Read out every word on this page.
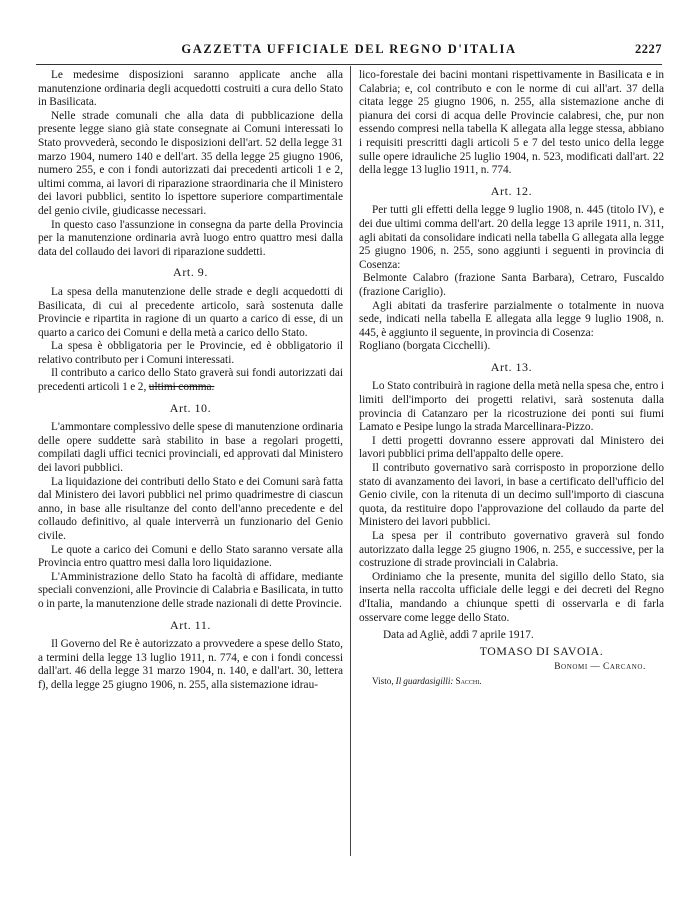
GAZZETTA UFFICIALE DEL REGNO D'ITALIA	2227

Le medesime disposizioni saranno applicate anche alla manutenzione ordinaria degli acquedotti costruiti a cura dello Stato in Basilicata.

Nelle strade comunali che alla data di pubblicazione della presente legge siano già state consegnate ai Comuni interessati lo Stato provvederà, secondo le disposizioni dell'art. 52 della legge 31 marzo 1904, numero 140 e dell'art. 35 della legge 25 giugno 1906, numero 255, e con i fondi autorizzati dai precedenti articoli 1 e 2, ultimi comma, ai lavori di riparazione straordinaria che il Ministero dei lavori pubblici, sentito lo ispettore superiore compartimentale del genio civile, giudicasse necessari.

In questo caso l'assunzione in consegna da parte della Provincia per la manutenzione ordinaria avrà luogo entro quattro mesi dalla data del collaudo dei lavori di riparazione suddetti.

Art. 9.

La spesa della manutenzione delle strade e degli acquedotti di Basilicata, di cui al precedente articolo, sarà sostenuta dalle Provincie e ripartita in ragione di un quarto a carico di esse, di un quarto a carico dei Comuni e della metà a carico dello Stato.

La spesa è obbligatoria per le Provincie, ed è obbligatorio il relativo contributo per i Comuni interessati.

Il contributo a carico dello Stato graverà sui fondi autorizzati dai precedenti articoli 1 e 2, ultimi comma.

Art. 10.

L'ammontare complessivo delle spese di manutenzione ordinaria delle opere suddette sarà stabilito in base a regolari progetti, compilati dagli uffici tecnici provinciali, ed approvati dal Ministero dei lavori pubblici.

La liquidazione dei contributi dello Stato e dei Comuni sarà fatta dal Ministero dei lavori pubblici nel primo quadrimestre di ciascun anno, in base alle risultanze del conto dell'anno precedente e del collaudo definitivo, al quale interverrà un funzionario del Genio civile.

Le quote a carico dei Comuni e dello Stato saranno versate alla Provincia entro quattro mesi dalla loro liquidazione.

L'Amministrazione dello Stato ha facoltà di affidare, mediante speciali convenzioni, alle Provincie di Calabria e Basilicata, in tutto o in parte, la manutenzione delle strade nazionali di dette Provincie.

Art. 11.

Il Governo del Re è autorizzato a provvedere a spese dello Stato, a termini della legge 13 luglio 1911, n. 774, e con i fondi concessi dall'art. 46 della legge 31 marzo 1904, n. 140, e dall'art. 30, lettera f), della legge 25 giugno 1906, n. 255, alla sistemazione idrau-

lico-forestale dei bacini montani rispettivamente in Basilicata e in Calabria; e, col contributo e con le norme di cui all'art. 37 della citata legge 25 giugno 1906, n. 255, alla sistemazione anche di pianura dei corsi di acqua delle Provincie calabresi, che, pur non essendo compresi nella tabella K allegata alla legge stessa, abbiano i requisiti prescritti dagli articoli 5 e 7 del testo unico della legge sulle opere idrauliche 25 luglio 1904, n. 523, modificati dall'art. 22 della legge 13 luglio 1911, n. 774.

Art. 12.

Per tutti gli effetti della legge 9 luglio 1908, n. 445 (titolo IV), e dei due ultimi comma dell'art. 20 della legge 13 aprile 1911, n. 311, agli abitati da consolidare indicati nella tabella G allegata alla legge 25 giugno 1906, n. 255, sono aggiunti i seguenti in provincia di Cosenza:

Belmonte Calabro (frazione Santa Barbara), Cetraro, Fuscaldo (frazione Cariglio).

Agli abitati da trasferire parzialmente o totalmente in nuova sede, indicati nella tabella E allegata alla legge 9 luglio 1908, n. 445, è aggiunto il seguente, in provincia di Cosenza:

Rogliano (borgata Cicchelli).

Art. 13.

Lo Stato contribuirà in ragione della metà nella spesa che, entro i limiti dell'importo dei progetti relativi, sarà sostenuta dalla provincia di Catanzaro per la ricostruzione dei ponti sui fiumi Lamato e Pesipe lungo la strada Marcellinara-Pizzo.

I detti progetti dovranno essere approvati dal Ministero dei lavori pubblici prima dell'appalto delle opere.

Il contributo governativo sarà corrisposto in proporzione dello stato di avanzamento dei lavori, in base a certificato dell'ufficio del Genio civile, con la ritenuta di un decimo sull'importo di ciascuna quota, da restituire dopo l'approvazione del collaudo da parte del Ministero dei lavori pubblici.

La spesa per il contributo governativo graverà sul fondo autorizzato dalla legge 25 giugno 1906, n. 255, e successive, per la costruzione di strade provinciali in Calabria.

Ordiniamo che la presente, munita del sigillo dello Stato, sia inserta nella raccolta ufficiale delle leggi e dei decreti del Regno d'Italia, mandando a chiunque spetti di osservarla e di farla osservare come legge dello Stato.

Data ad Agliè, addì 7 aprile 1917.

TOMASO DI SAVOIA.
Bonomi — Carcano.

Visto, Il guardasigilli: Sacchi.
